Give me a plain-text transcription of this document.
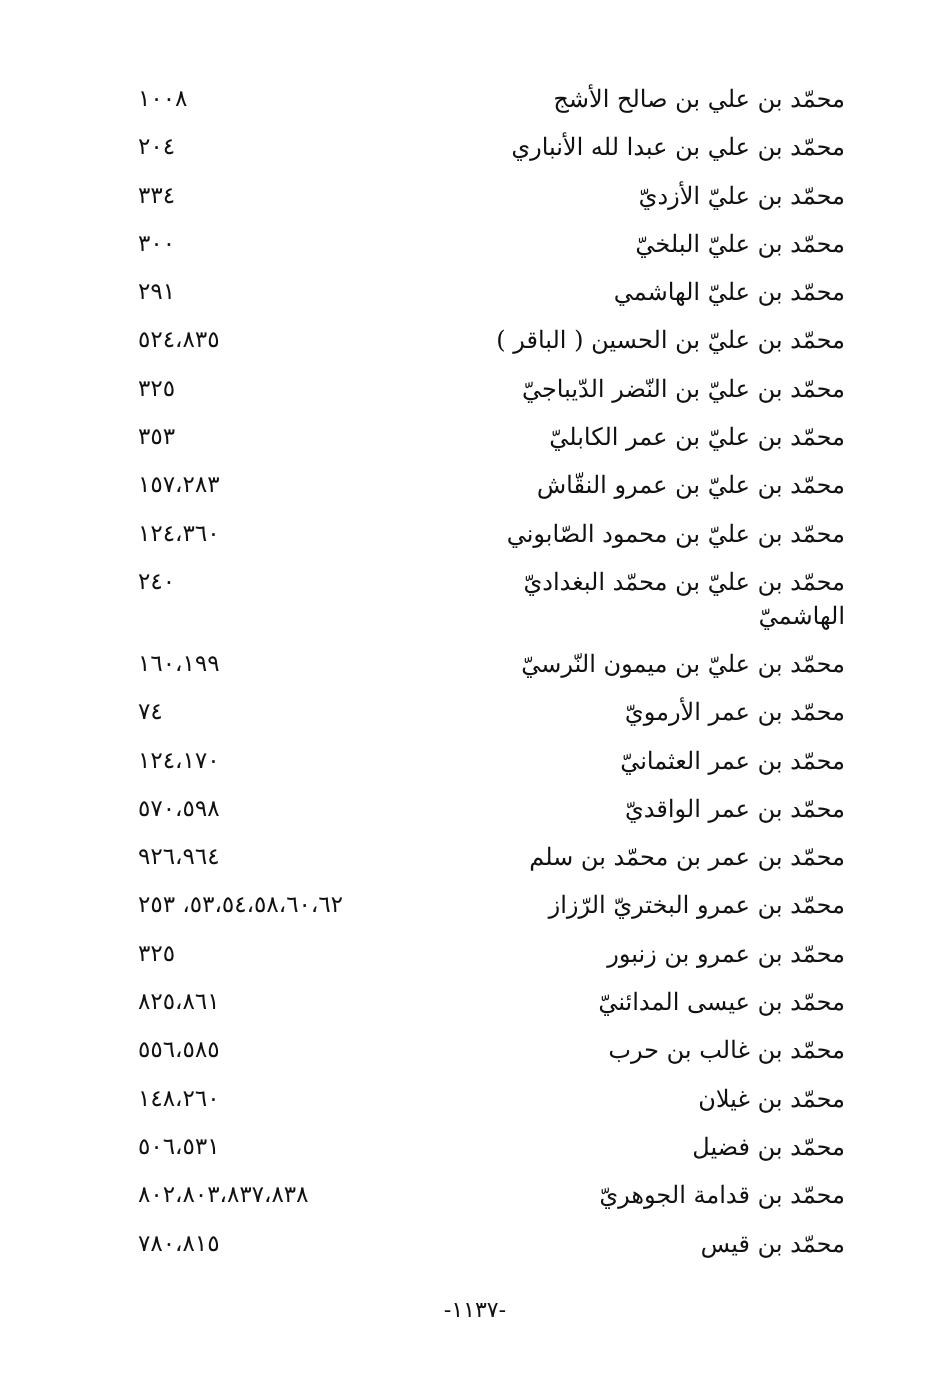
محمّد بن علي بن صالح الأشج
١٠٠٨
محمّد بن علي بن عبدا لله الأنباري
٢٠٤
محمّد بن عليّ الأزديّ
٣٣٤
محمّد بن عليّ البلخيّ
٣٠٠
محمّد بن عليّ الهاشمي
٢٩١
محمّد بن عليّ بن الحسين ( الباقر )
٥٢٤،٨٣٥
محمّد بن عليّ بن النّضر الدّيباجيّ
٣٢٥
محمّد بن عليّ بن عمر الكابليّ
٣٥٣
محمّد بن عليّ بن عمرو النقّاش
١٥٧،٢٨٣
محمّد بن عليّ بن محمود الصّابوني
١٢٤،٣٦٠
محمّد بن عليّ بن محمّد البغداديّ الهاشميّ
٢٤٠
محمّد بن عليّ بن ميمون النّرسيّ
١٦٠،١٩٩
محمّد بن عمر الأرمويّ
٧٤
محمّد بن عمر العثمانيّ
١٢٤،١٧٠
محمّد بن عمر الواقديّ
٥٧٠،٥٩٨
محمّد بن عمر بن محمّد بن سلم
٩٢٦،٩٦٤
محمّد بن عمرو البختريّ الرّزاز
٥٣،٥٤،٥٨،٦٠،٦٢، ٢٥٣
محمّد بن عمرو بن زنبور
٣٢٥
محمّد بن عيسى المدائنيّ
٨٢٥،٨٦١
محمّد بن غالب بن حرب
٥٥٦،٥٨٥
محمّد بن غيلان
١٤٨،٢٦٠
محمّد بن فضيل
٥٠٦،٥٣١
محمّد بن قدامة الجوهريّ
٨٠٢،٨٠٣،٨٣٧،٨٣٨
محمّد بن قيس
٧٨٠،٨١٥
-١١٣٧-
